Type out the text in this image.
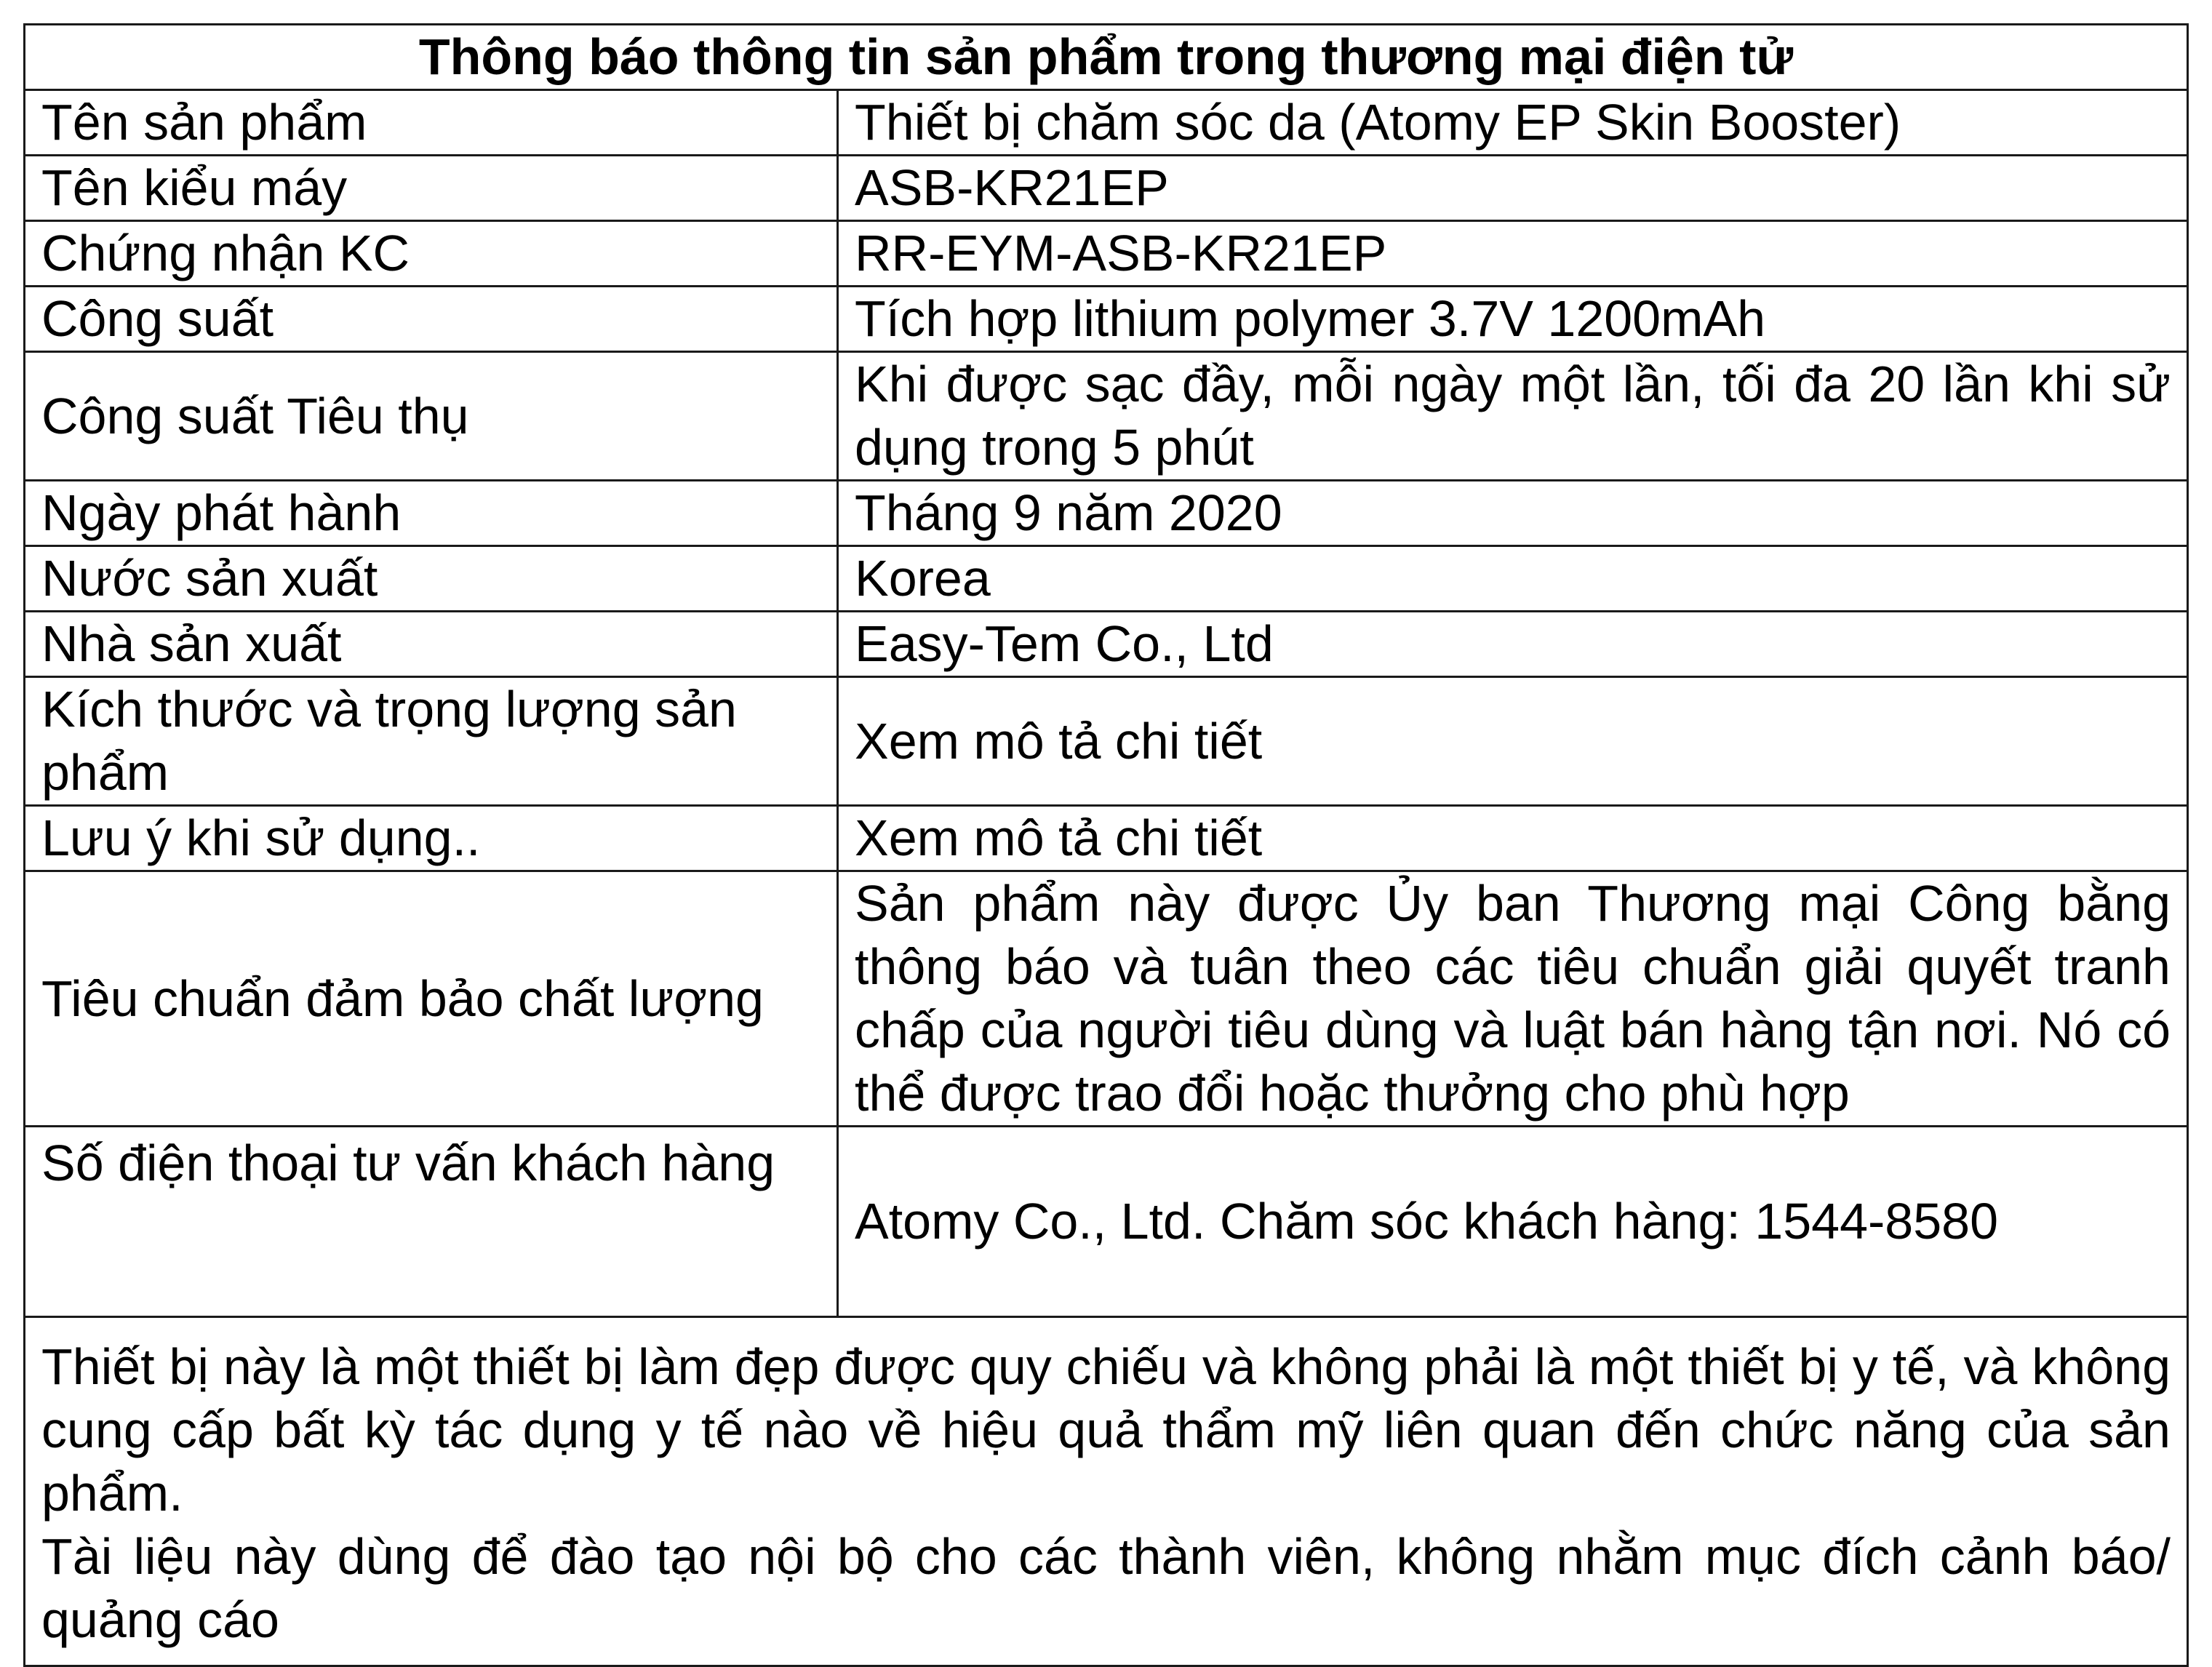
Thông báo thông tin sản phẩm trong thương mại điện tử	
Tên sản phẩm	Thiết bị chăm sóc da (Atomy EP Skin Booster)
Tên kiểu máy	ASB-KR21EP
Chứng nhận KC	RR-EYM-ASB-KR21EP
Công suất	Tích hợp lithium polymer 3.7V 1200mAh
Công suất Tiêu thụ	Khi được sạc đầy, mỗi ngày một lần, tối đa 20 lần khi sử dụng trong 5 phút
Ngày phát hành	Tháng 9 năm 2020
Nước sản xuất	Korea
Nhà sản xuất	Easy-Tem Co., Ltd
Kích thước và trọng lượng sản phẩm	Xem mô tả chi tiết
Lưu ý khi sử dụng..	Xem mô tả chi tiết
Tiêu chuẩn đảm bảo chất lượng	Sản phẩm này được Ủy ban Thương mại Công bằng thông báo và tuân theo các tiêu chuẩn giải quyết tranh chấp của người tiêu dùng và luật bán hàng tận nơi. Nó có thể được trao đổi hoặc thưởng cho phù hợp
Số điện thoại tư vấn khách hàng	Atomy Co., Ltd. Chăm sóc khách hàng: 1544-8580

Thiết bị này là một thiết bị làm đẹp được quy chiếu và không phải là một thiết bị y tế, và không cung cấp bất kỳ tác dụng y tế nào về hiệu quả thẩm mỹ liên quan đến chức năng của sản phẩm.

Tài liệu này dùng để đào tạo nội bộ cho các thành viên, không nhằm mục đích cảnh báo/ quảng cáo
